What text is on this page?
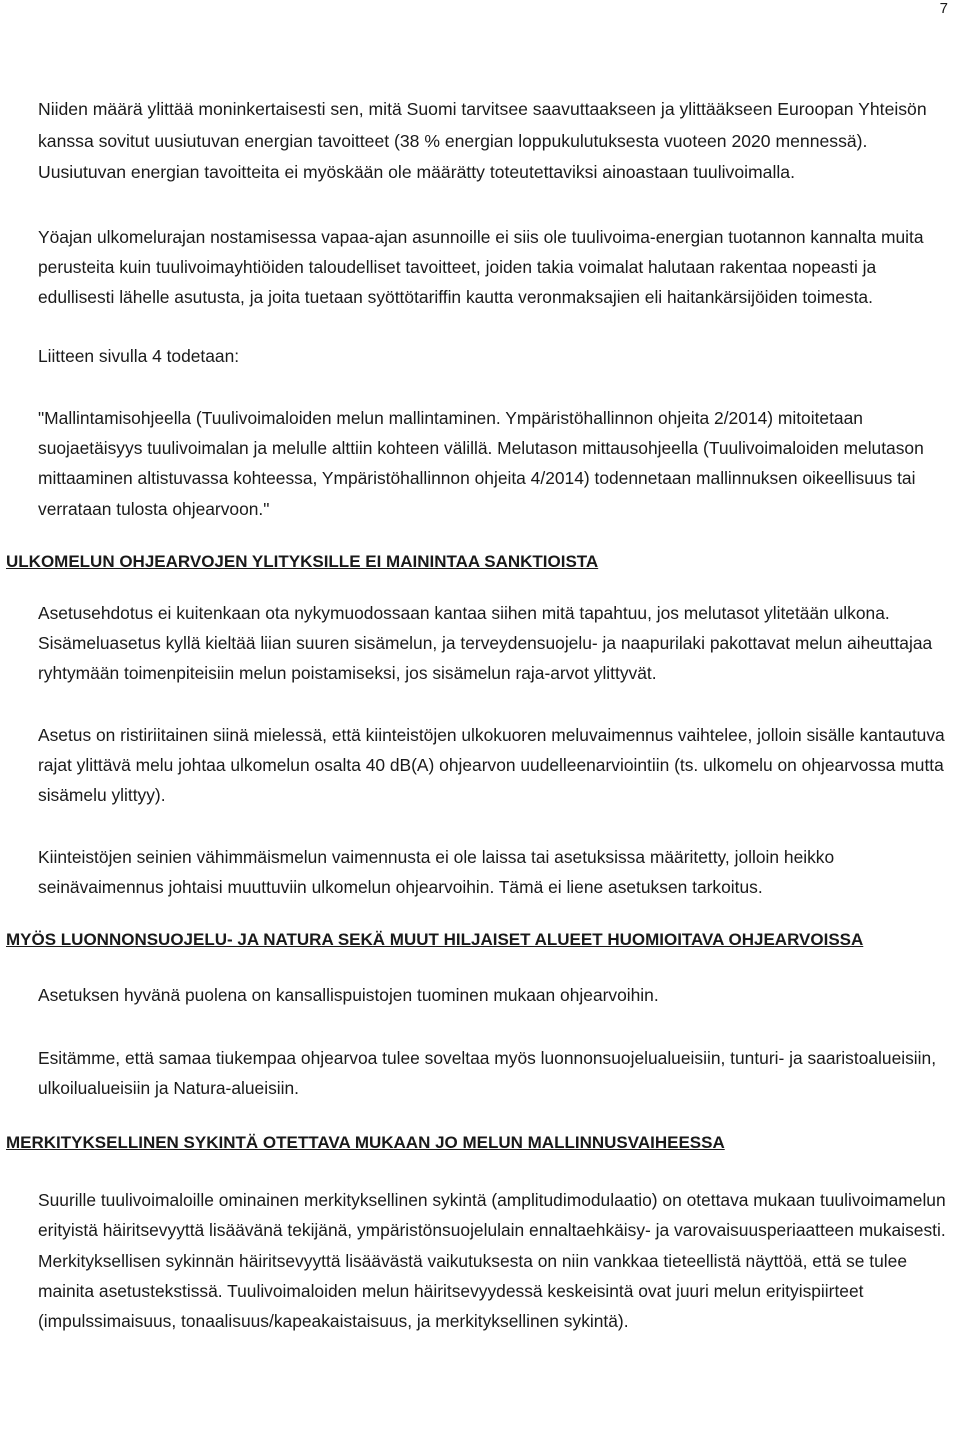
7

Niiden määrä ylittää moninkertaisesti sen, mitä Suomi tarvitsee saavuttaakseen ja ylittääkseen Euroopan Yhteisön kanssa sovitut uusiutuvan energian tavoitteet (38 % energian loppukulutuksesta vuoteen 2020 mennessä). Uusiutuvan energian tavoitteita ei myöskään ole määrätty toteutettaviksi ainoastaan tuulivoimalla.

Yöajan ulkomelurajan nostamisessa vapaa-ajan asunnoille ei siis ole tuulivoima-energian tuotannon kannalta muita perusteita kuin tuulivoimayhtiöiden taloudelliset tavoitteet, joiden takia voimalat halutaan rakentaa nopeasti ja edullisesti lähelle asutusta, ja joita tuetaan syöttötariffin kautta veronmaksajien eli haitankärsijöiden toimesta.

Liitteen sivulla 4 todetaan:

"Mallintamisohjeella (Tuulivoimaloiden melun mallintaminen. Ympäristöhallinnon ohjeita 2/2014) mitoitetaan suojaetäisyys tuulivoimalan ja melulle alttiin kohteen välillä. Melutason mittausohjeella (Tuulivoimaloiden melutason mittaaminen altistuvassa kohteessa, Ympäristöhallinnon ohjeita 4/2014) todennetaan mallinnuksen oikeellisuus tai verrataan tulosta ohjearvoon."

ULKOMELUN OHJEARVOJEN YLITYKSILLE EI MAININTAA SANKTIOISTA

Asetusehdotus ei kuitenkaan ota nykymuodossaan kantaa siihen mitä tapahtuu, jos melutasot ylitetään ulkona. Sisämeluasetus kyllä kieltää liian suuren sisämelun, ja terveydensuojelu- ja naapurilaki pakottavat melun aiheuttajaa ryhtymään toimenpiteisiin melun poistamiseksi, jos sisämelun raja-arvot ylittyvät.

Asetus on ristiriitainen siinä mielessä, että kiinteistöjen ulkokuoren meluvaimennus vaihtelee, jolloin sisälle kantautuva rajat ylittävä melu johtaa ulkomelun osalta 40 dB(A) ohjearvon uudelleenarviointiin (ts. ulkomelu on ohjearvossa mutta sisämelu ylittyy).

Kiinteistöjen seinien vähimmäismelun vaimennusta ei ole laissa tai asetuksissa määritetty, jolloin heikko seinävaimennus johtaisi muuttuviin ulkomelun ohjearvoihin. Tämä ei liene asetuksen tarkoitus.

MYÖS LUONNONSUOJELU- JA NATURA SEKÄ MUUT HILJAISET ALUEET HUOMIOITAVA OHJEARVOISSA

Asetuksen hyvänä puolena on kansallispuistojen tuominen mukaan ohjearvoihin.

Esitämme, että samaa tiukempaa ohjearvoa tulee soveltaa myös luonnonsuojelualueisiin, tunturi- ja saaristoalueisiin, ulkoilualueisiin ja Natura-alueisiin.

MERKITYKSELLINEN SYKINTÄ OTETTAVA MUKAAN JO MELUN MALLINNUSVAIHEESSA

Suurille tuulivoimaloille ominainen merkityksellinen sykintä (amplitudimodulaatio) on otettava mukaan tuulivoimamelun erityistä häiritsevyyttä lisäävänä tekijänä, ympäristönsuojelulain ennaltaehkäisy- ja varovaisuusperiaatteen mukaisesti. Merkityksellisen sykinnän häiritsevyyttä lisäävästä vaikutuksesta on niin vankkaa tieteellistä näyttöä, että se tulee mainita asetustekstissä. Tuulivoimaloiden melun häiritsevyydessä keskeisintä ovat juuri melun erityispiirteet (impulssimaisuus, tonaalisuus/kapeakaistaisuus, ja merkityksellinen sykintä).
